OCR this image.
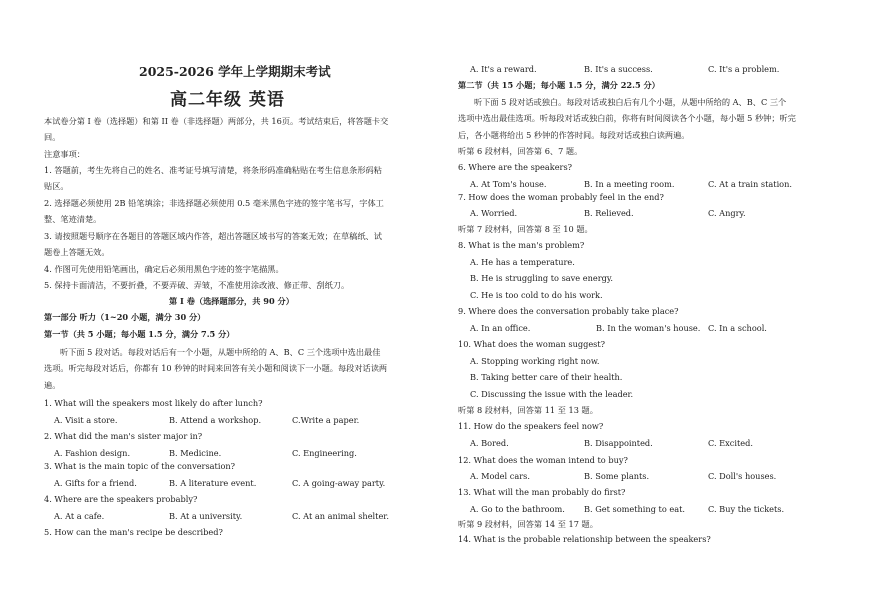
2025-2026 学年上学期期末考试
高二年级 英语
本试卷分第 I 卷（选择题）和第 II 卷（非选择题）两部分，共 16页。考试结束后，将答题卡交
回。
注意事项：
1. 答题前，考生先将自己的姓名、准考证号填写清楚，将条形码准确粘贴在考生信息条形码粘
贴区。
2. 选择题必须使用 2B 铅笔填涂；非选择题必须使用 0.5 毫米黑色字迹的签字笔书写，字体工
整、笔迹清楚。
3. 请按照题号顺序在各题目的答题区域内作答，超出答题区域书写的答案无效；在草稿纸、试
题卷上答题无效。
4. 作图可先使用铅笔画出，确定后必须用黑色字迹的签字笔描黑。
5. 保持卡面清洁，不要折叠，不要弄破、弄皱，不准使用涂改液、修正带、刮纸刀。
第 I 卷（选择题部分，共 90 分）
第一部分 听力（1~20 小题，满分 30 分）
第一节（共 5 小题；每小题 1.5 分，满分 7.5 分）
听下面 5 段对话。每段对话后有一个小题，从题中所给的 A、B、C 三个选项中选出最佳
选项。听完每段对话后，你都有 10 秒钟的时间来回答有关小题和阅读下一小题。每段对话读两
遍。
1. What will the speakers most likely do after lunch?
A. Visit a store.	B. Attend a workshop.	C.Write a paper.
2. What did the man's sister major in?
A. Fashion design.	B. Medicine.	C. Engineering.
3. What is the main topic of the conversation?
A. Gifts for a friend.	B. A literature event.	C. A going-away party.
4. Where are the speakers probably?
A. At a cafe.	B. At a university.	C. At an animal shelter.
5. How can the man's recipe be described?
A. It's a reward.	B. It's a success.	C. It's a problem.
第二节（共 15 小题；每小题 1.5 分，满分 22.5 分）
听下面 5 段对话或独白。每段对话或独白后有几个小题，从题中所给的 A、B、C 三个
选项中选出最佳选项。听每段对话或独白前，你将有时间阅读各个小题，每小题 5 秒钟；听完
后，各小题将给出 5 秒钟的作答时间。每段对话或独白读两遍。
听第 6 段材料，回答第 6、7 题。
6. Where are the speakers?
A. At Tom's house.	B. In a meeting room.	C. At a train station.
7. How does the woman probably feel in the end?
A. Worried.	B. Relieved.	C. Angry.
听第 7 段材料，回答第 8 至 10 题。
8. What is the man's problem?
A. He has a temperature.
B. He is struggling to save energy.
C. He is too cold to do his work.
9. Where does the conversation probably take place?
A. In an office.	B. In the woman's house. C. In a school.
10. What does the woman suggest?
A. Stopping working right now.
B. Taking better care of their health.
C. Discussing the issue with the leader.
听第 8 段材料，回答第 11 至 13 题。
11. How do the speakers feel now?
A. Bored.	B. Disappointed.	C. Excited.
12. What does the woman intend to buy?
A. Model cars.	B. Some plants.	C. Doll's houses.
13. What will the man probably do first?
A. Go to the bathroom. B. Get something to eat.	C. Buy the tickets.
听第 9 段材料，回答第 14 至 17 题。
14. What is the probable relationship between the speakers?
